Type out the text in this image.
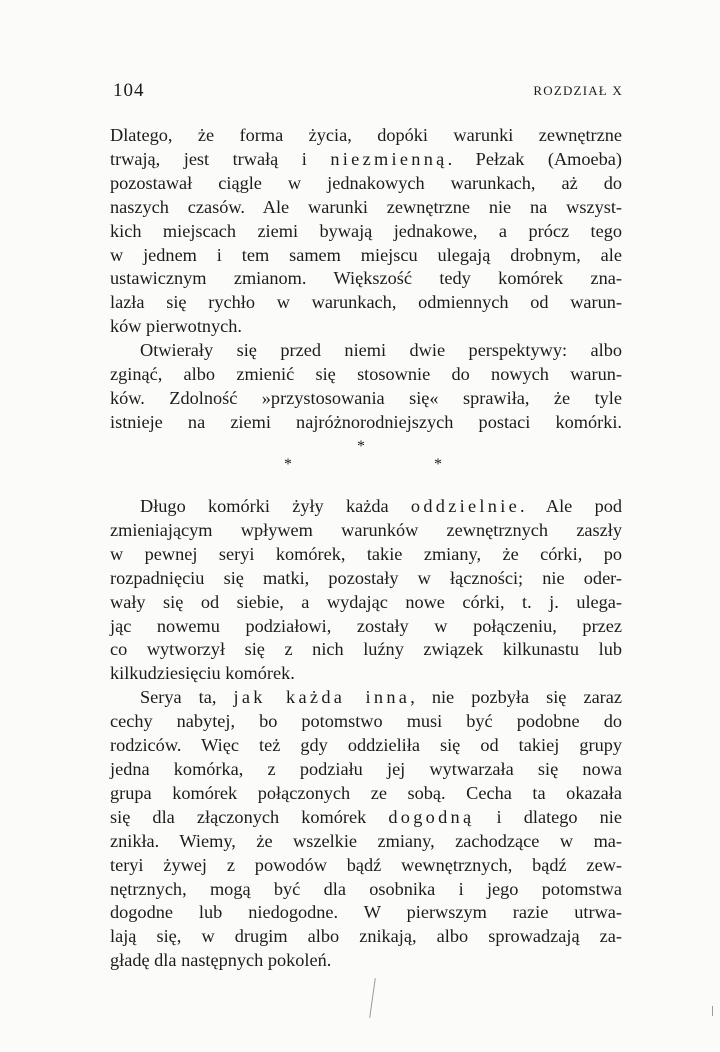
104	ROZDZIAŁ X
Dlatego, że forma życia, dopóki warunki zewnętrzne
trwają, jest trwałą i niezmienną. Pełzak (Amoeba)
pozostawał ciągle w jednakowych warunkach, aż do
naszych czasów. Ale warunki zewnętrzne nie na wszyst-
kich miejscach ziemi bywają jednakowe, a prócz tego
w jednem i tem samem miejscu ulegają drobnym, ale
ustawicznym zmianom. Większość tedy komórek zna-
lazła się rychło w warunkach, odmiennych od warun-
ków pierwotnych.
Otwierały się przed niemi dwie perspektywy: albo
zginąć, albo zmienić się stosownie do nowych warun-
ków. Zdolność »przystosowania się« sprawiła, że tyle
istnieje na ziemi najróżnorodniejszych postaci komórki.
*
*	*
Długo komórki żyły każda oddzielnie. Ale pod
zmieniającym wpływem warunków zewnętrznych zaszły
w pewnej seryi komórek, takie zmiany, że córki, po
rozpadnięciu się matki, pozostały w łączności; nie oder-
wały się od siebie, a wydając nowe córki, t. j. ulega-
jąc nowemu podziałowi, zostały w połączeniu, przez
co wytworzył się z nich luźny związek kilkunastu lub
kilkudziesięciu komórek.
Serya ta, jak każda inna, nie pozbyła się zaraz
cechy nabytej, bo potomstwo musi być podobne do
rodziców. Więc też gdy oddzieliła się od takiej grupy
jedna komórka, z podziału jej wytwarzała się nowa
grupa komórek połączonych ze sobą. Cecha ta okazała
się dla złączonych komórek dogodną i dlatego nie
znikła. Wiemy, że wszelkie zmiany, zachodzące w ma-
teryi żywej z powodów bądź wewnętrznych, bądź zew-
nętrznych, mogą być dla osobnika i jego potomstwa
dogodne lub niedogodne. W pierwszym razie utrwa-
lają się, w drugim albo znikają, albo sprowadzają za-
gładę dla następnych pokoleń.
